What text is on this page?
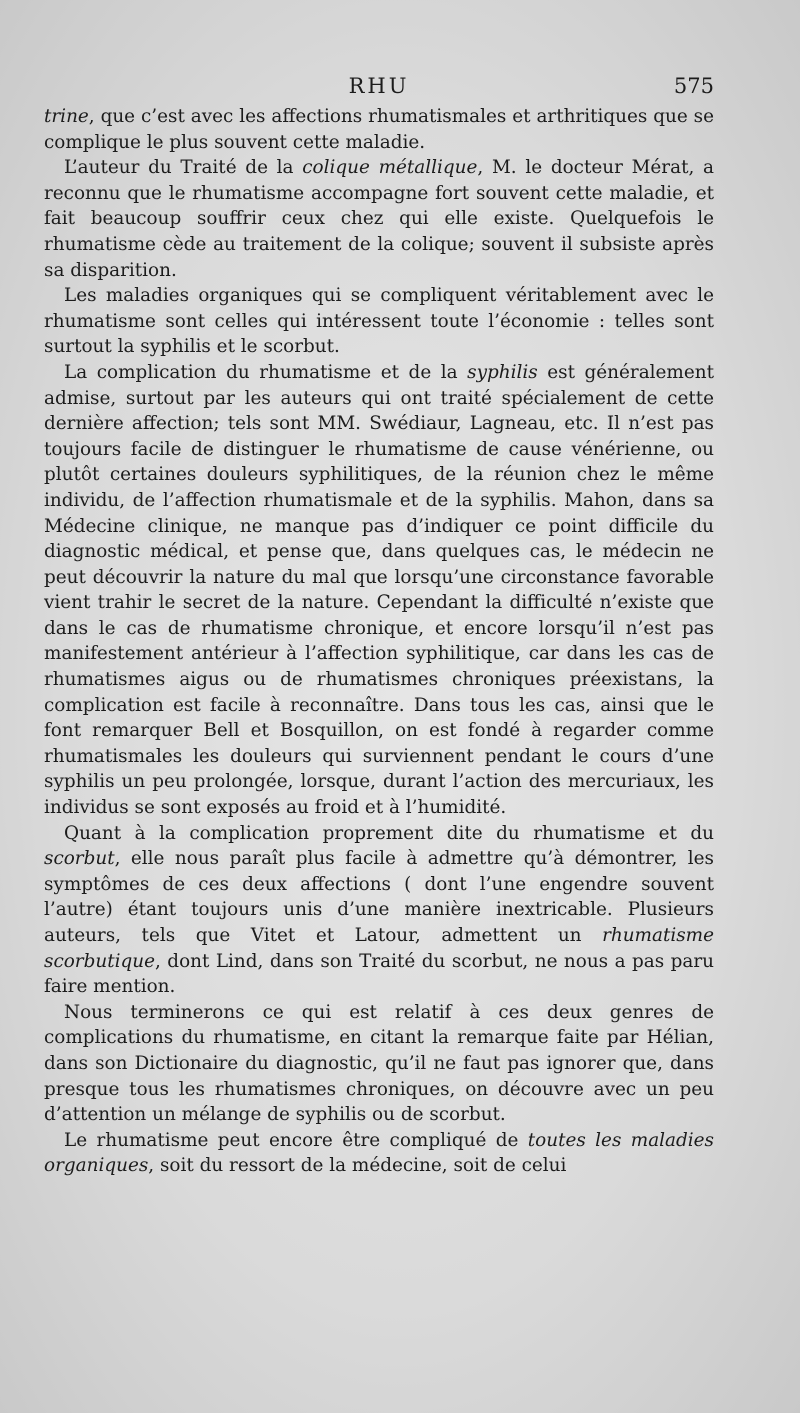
RHU	575

trine, que c’est avec les affections rhumatismales et arthritiques que se complique le plus souvent cette maladie.

L’auteur du Traité de la colique métallique, M. le docteur Mérat, a reconnu que le rhumatisme accompagne fort souvent cette maladie, et fait beaucoup souffrir ceux chez qui elle existe. Quelquefois le rhumatisme cède au traitement de la colique; souvent il subsiste après sa disparition.

Les maladies organiques qui se compliquent véritablement avec le rhumatisme sont celles qui intéressent toute l’économie : telles sont surtout la syphilis et le scorbut.

La complication du rhumatisme et de la syphilis est généralement admise, surtout par les auteurs qui ont traité spécialement de cette dernière affection; tels sont MM. Swédiaur, Lagneau, etc. Il n’est pas toujours facile de distinguer le rhumatisme de cause vénérienne, ou plutôt certaines douleurs syphilitiques, de la réunion chez le même individu, de l’affection rhumatismale et de la syphilis. Mahon, dans sa Médecine clinique, ne manque pas d’indiquer ce point difficile du diagnostic médical, et pense que, dans quelques cas, le médecin ne peut découvrir la nature du mal que lorsqu’une circonstance favorable vient trahir le secret de la nature. Cependant la difficulté n’existe que dans le cas de rhumatisme chronique, et encore lorsqu’il n’est pas manifestement antérieur à l’affection syphilitique, car dans les cas de rhumatismes aigus ou de rhumatismes chroniques préexistans, la complication est facile à reconnaître. Dans tous les cas, ainsi que le font remarquer Bell et Bosquillon, on est fondé à regarder comme rhumatismales les douleurs qui surviennent pendant le cours d’une syphilis un peu prolongée, lorsque, durant l’action des mercuriaux, les individus se sont exposés au froid et à l’humidité.

Quant à la complication proprement dite du rhumatisme et du scorbut, elle nous paraît plus facile à admettre qu’à démontrer, les symptômes de ces deux affections ( dont l’une engendre souvent l’autre) étant toujours unis d’une manière inextricable. Plusieurs auteurs, tels que Vitet et Latour, admettent un rhumatisme scorbutique, dont Lind, dans son Traité du scorbut, ne nous a pas paru faire mention.

Nous terminerons ce qui est relatif à ces deux genres de complications du rhumatisme, en citant la remarque faite par Hélian, dans son Dictionaire du diagnostic, qu’il ne faut pas ignorer que, dans presque tous les rhumatismes chroniques, on découvre avec un peu d’attention un mélange de syphilis ou de scorbut.

Le rhumatisme peut encore être compliqué de toutes les maladies organiques, soit du ressort de la médecine, soit de celui
